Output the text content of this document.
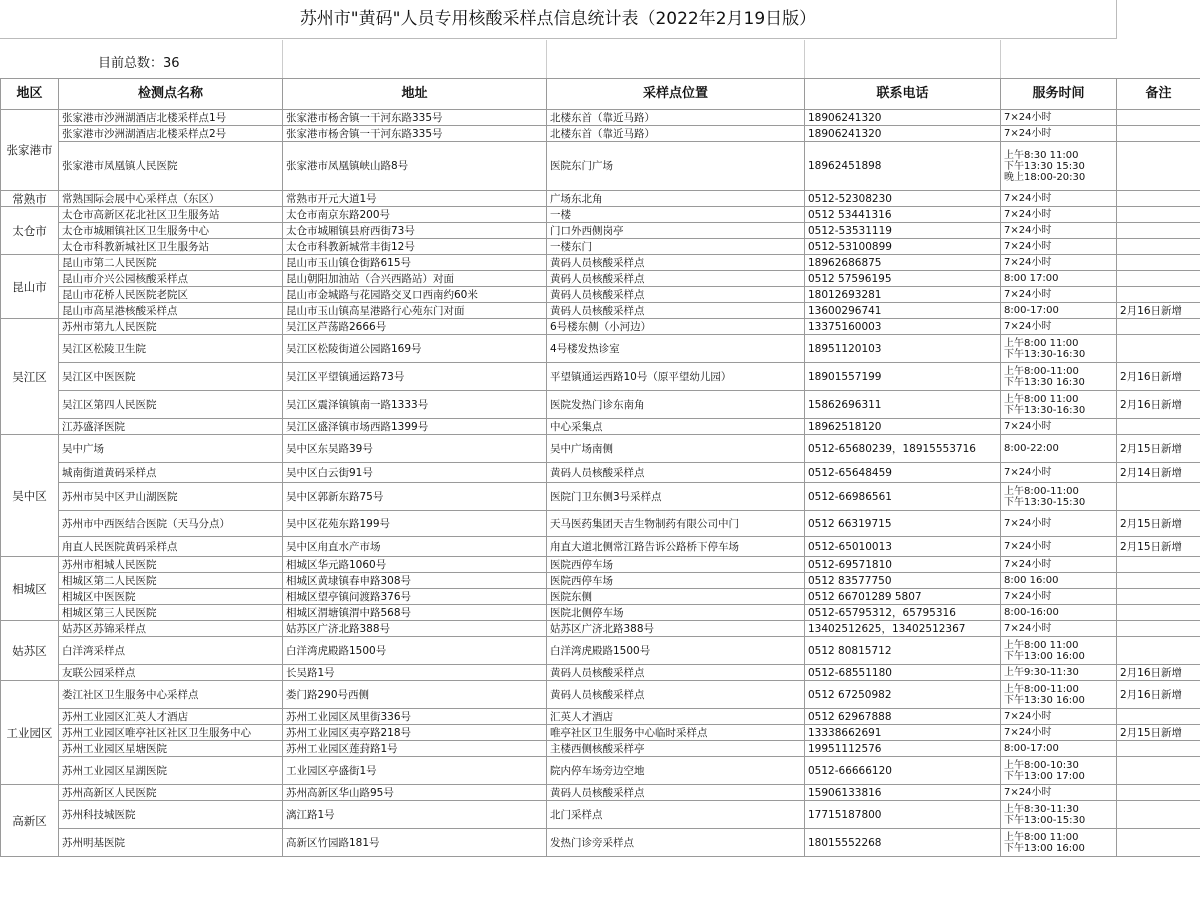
苏州市"黄码"人员专用核酸采样点信息统计表（2022年2月19日版）
目前总数：36
地区	检测点名称	地址	采样点位置	联系电话	服务时间	备注
张家港市	张家港市沙洲湖酒店北楼采样点1号	张家港市杨舍镇一干河东路335号	北楼东首（靠近马路）	18906241320	7×24小时	
	张家港市沙洲湖酒店北楼采样点2号	张家港市杨舍镇一干河东路335号	北楼东首（靠近马路）	18906241320	7×24小时	
	张家港市凤凰镇人民医院	张家港市凤凰镇峡山路8号	医院东门广场	18962451898	上午8:30 11:00
下午13:30 15:30
晚上18:00-20:30	
常熟市	常熟国际会展中心采样点（东区）	常熟市开元大道1号	广场东北角	0512-52308230	7×24小时	
太仓市	太仓市高新区花北社区卫生服务站	太仓市南京东路200号	一楼	0512 53441316	7×24小时	
	太仓市城厢镇社区卫生服务中心	太仓市城厢镇县府西街73号	门口外西侧岗亭	0512-53531119	7×24小时	
	太仓市科教新城社区卫生服务站	太仓市科教新城常丰街12号	一楼东门	0512-53100899	7×24小时	
昆山市	昆山市第二人民医院	昆山市玉山镇仓街路615号	黄码人员核酸采样点	18962686875	7×24小时	
	昆山市介兴公园核酸采样点	昆山朝阳加油站（合兴西路站）对面	黄码人员核酸采样点	0512 57596195	8:00 17:00	
	昆山市花桥人民医院老院区	昆山市金城路与花园路交叉口西南约60米	黄码人员核酸采样点	18012693281	7×24小时	
	昆山市高星港核酸采样点	昆山市玉山镇高星港路行心苑东门对面	黄码人员核酸采样点	13600296741	8:00-17:00	2月16日新增
吴江区	苏州市第九人民医院	吴江区芦荡路2666号	6号楼东侧（小河边）	13375160003	7×24小时	
	吴江区松陵卫生院	吴江区松陵街道公园路169号	4号楼发热诊室	18951120103	上午8:00 11:00
下午13:30-16:30	
	吴江区中医医院	吴江区平望镇通运路73号	平望镇通运西路10号（原平望幼儿园）	18901557199	上午8:00-11:00
下午13:30 16:30	2月16日新增
	吴江区第四人民医院	吴江区震泽镇镇南一路1333号	医院发热门诊东南角	15862696311	上午8:00 11:00
下午13:30-16:30	2月16日新增
	江苏盛泽医院	吴江区盛泽镇市场西路1399号	中心采集点	18962518120	7×24小时	
吴中区	吴中广场	吴中区东吴路39号	吴中广场南侧	0512-65680239，18915553716	8:00-22:00	2月15日新增
	城南街道黄码采样点	吴中区白云街91号	黄码人员核酸采样点	0512-65648459	7×24小时	2月14日新增
	苏州市吴中区尹山湖医院	吴中区郭新东路75号	医院门卫东侧3号采样点	0512-66986561	上午8:00-11:00
下午13:30-15:30	
	苏州市中西医结合医院（天马分点）	吴中区花苑东路199号	天马医药集团天吉生物制药有限公司中门	0512 66319715	7×24小时	2月15日新增
	甪直人民医院黄码采样点	吴中区甪直水产市场	甪直大道北侧常江路告诉公路桥下停车场	0512-65010013	7×24小时	2月15日新增
相城区	苏州市相城人民医院	相城区华元路1060号	医院西停车场	0512-69571810	7×24小时	
	相城区第二人民医院	相城区黄埭镇春申路308号	医院西停车场	0512 83577750	8:00 16:00	
	相城区中医医院	相城区望亭镇问渡路376号	医院东侧	0512 66701289 5807	7×24小时	
	相城区第三人民医院	相城区渭塘镇渭中路568号	医院北侧停车场	0512-65795312，65795316	8:00-16:00	
姑苏区	姑苏区苏锦采样点	姑苏区广济北路388号	姑苏区广济北路388号	13402512625，13402512367	7×24小时	
	白洋湾采样点	白洋湾虎殿路1500号	白洋湾虎殿路1500号	0512 80815712	上午8:00 11:00
下午13:00 16:00	
	友联公园采样点	长吴路1号	黄码人员核酸采样点	0512-68551180	上午9:30-11:30	2月16日新增
工业园区	娄江社区卫生服务中心采样点	娄门路290号西侧	黄码人员核酸采样点	0512 67250982	上午8:00-11:00
下午13:30 16:00	2月16日新增
	苏州工业园区汇英人才酒店	苏州工业园区凤里街336号	汇英人才酒店	0512 62967888	7×24小时	
	苏州工业园区唯亭社区社区卫生服务中心	苏州工业园区夷亭路218号	唯亭社区卫生服务中心临时采样点	13338662691	7×24小时	2月15日新增
	苏州工业园区星塘医院	苏州工业园区莲葑路1号	主楼西侧核酸采样亭	19951112576	8:00-17:00	
	苏州工业园区星湖医院	工业园区亭盛街1号	院内停车场旁边空地	0512-66666120	上午8:00-10:30
下午13:00 17:00	
高新区	苏州高新区人民医院	苏州高新区华山路95号	黄码人员核酸采样点	15906133816	7×24小时	
	苏州科技城医院	漓江路1号	北门采样点	17715187800	上午8:30-11:30
下午13:00-15:30	
	苏州明基医院	高新区竹园路181号	发热门诊旁采样点	18015552268	上午8:00 11:00
下午13:00 16:00	
